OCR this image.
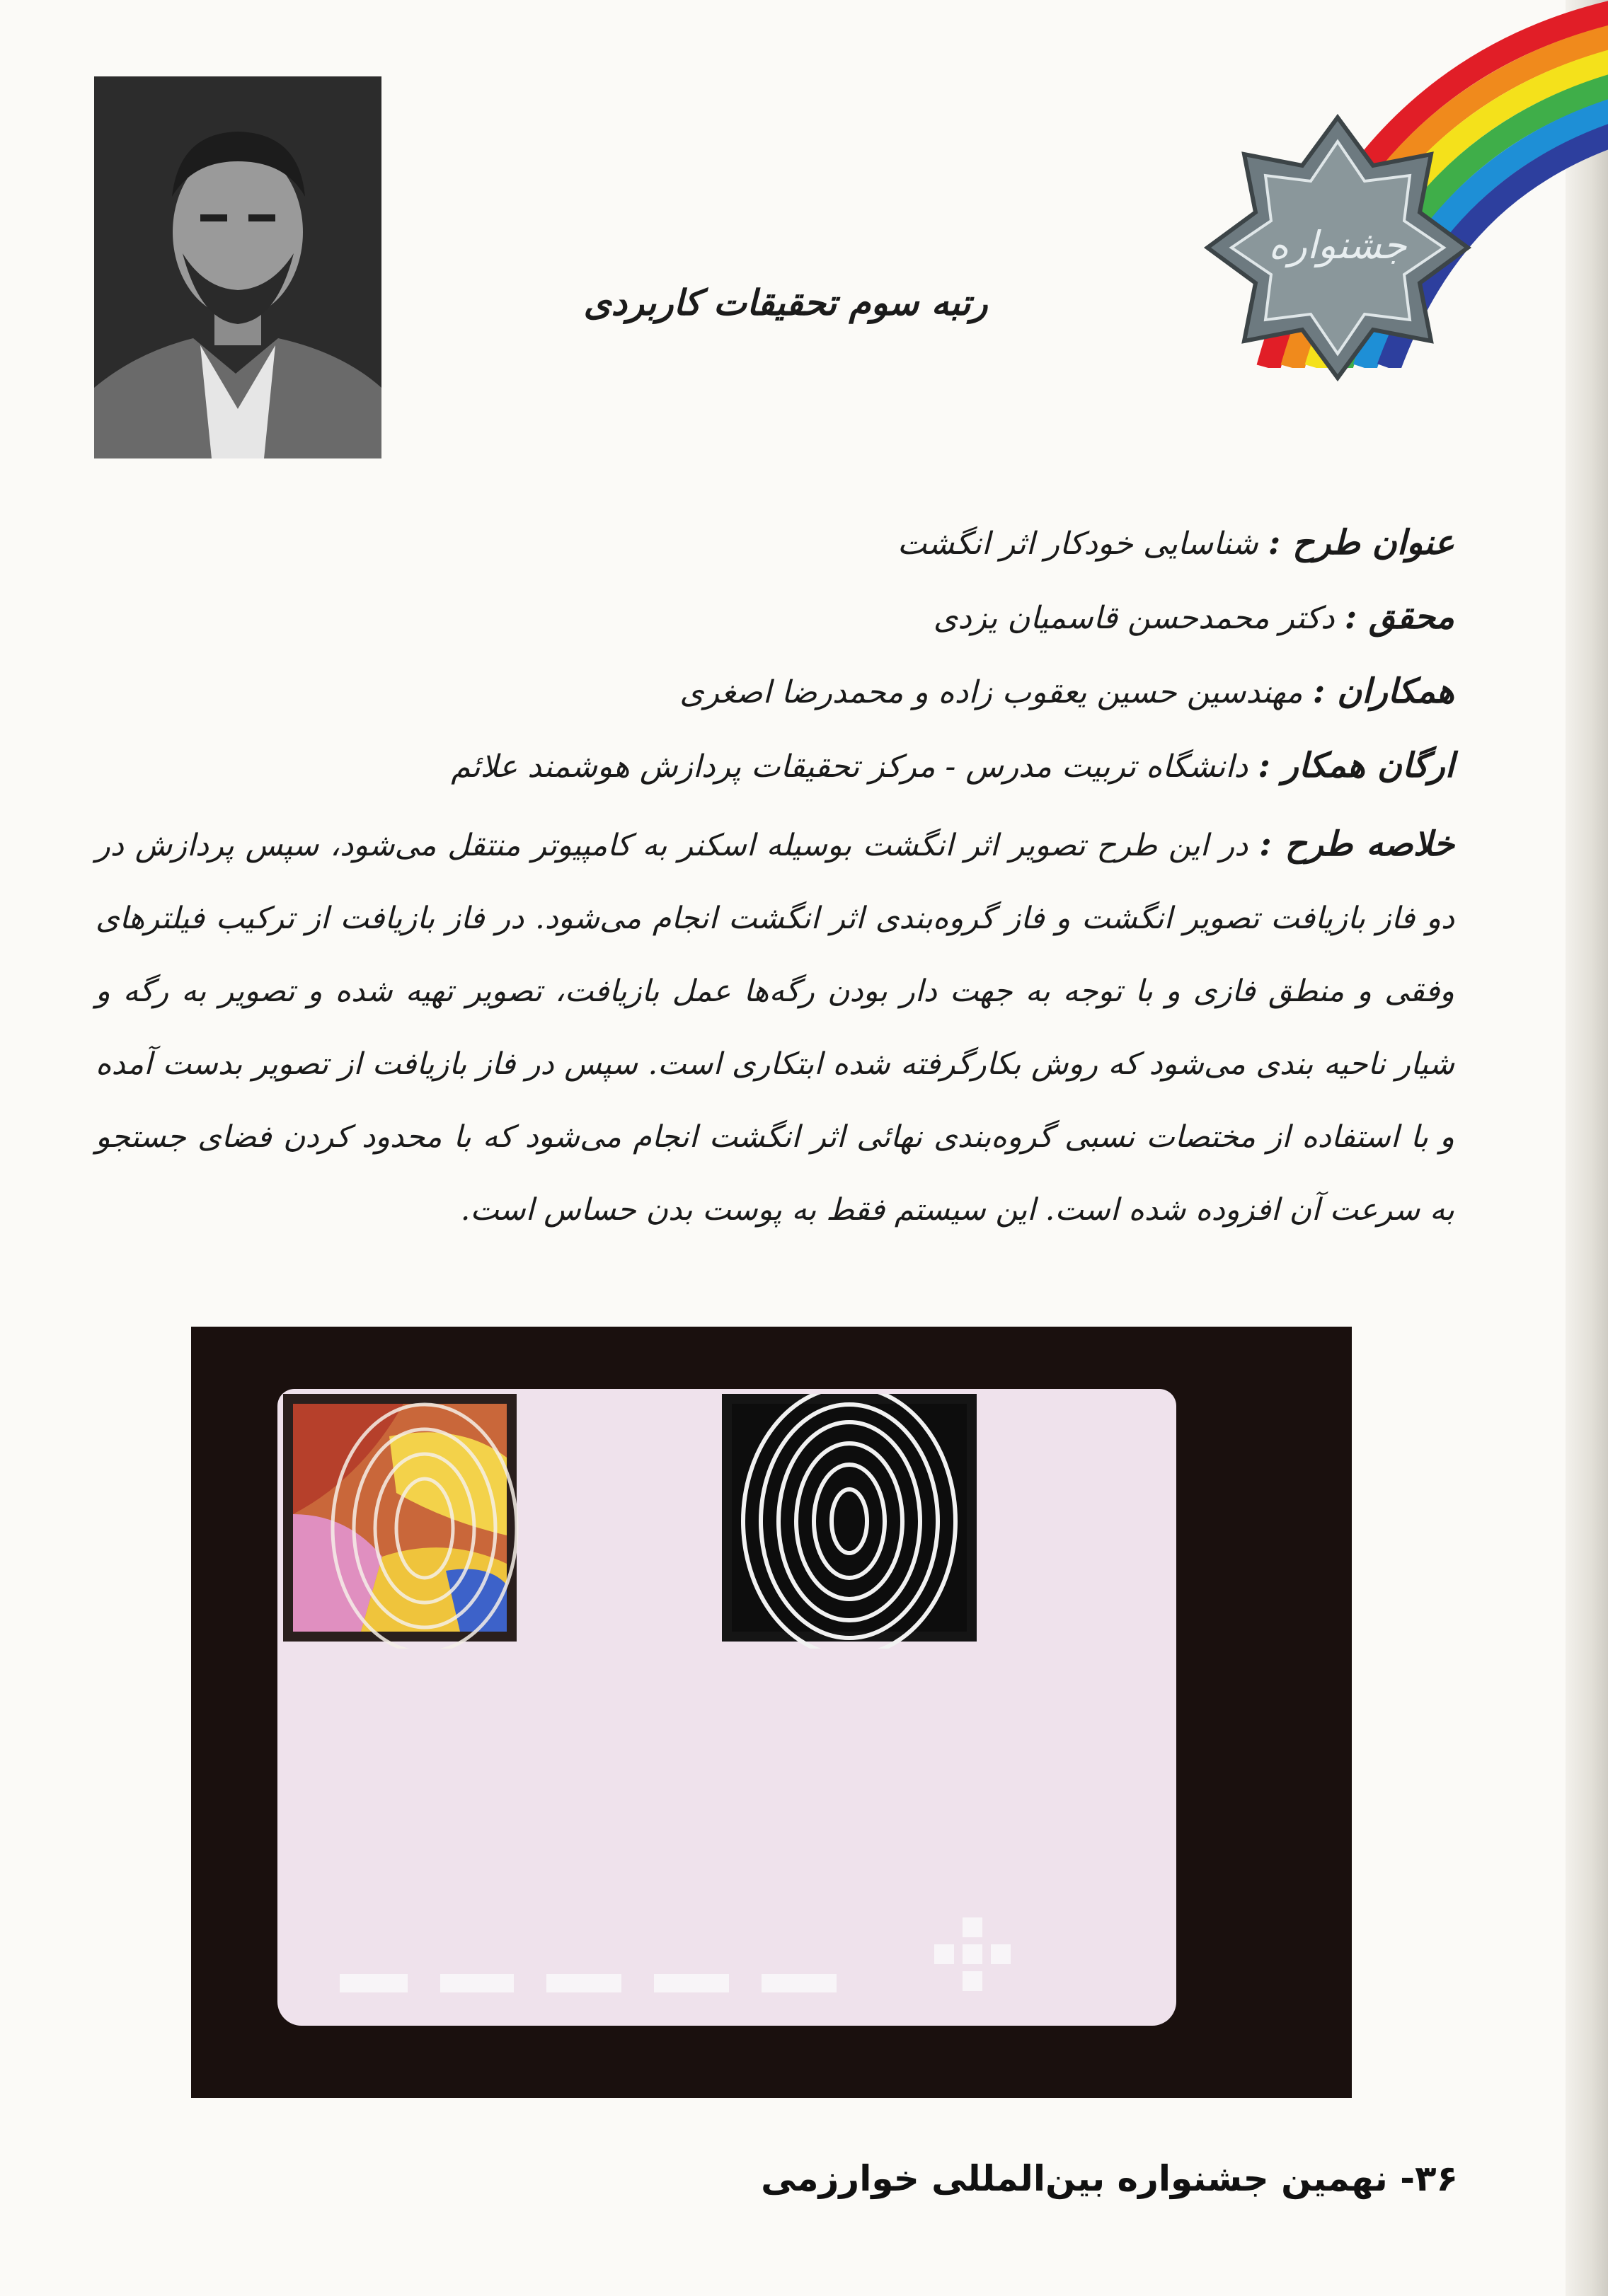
جشنواره
رتبه سوم تحقیقات کاربردی
عنوان طرح : شناسایی خودکار اثر انگشت
محقق : دکتر محمدحسن قاسمیان یزدی
همکاران : مهندسین حسین یعقوب زاده و محمدرضا اصغری
ارگان همکار : دانشگاه تربیت مدرس - مرکز تحقیقات پردازش هوشمند علائم
خلاصه طرح : در این طرح تصویر اثر انگشت بوسیله اسکنر به کامپیوتر منتقل می‌شود، سپس پردازش در دو فاز بازیافت تصویر انگشت و فاز گروه‌بندی اثر انگشت انجام می‌شود. در فاز بازیافت از ترکیب فیلترهای وفقی و منطق فازی و با توجه به جهت دار بودن رگه‌ها عمل بازیافت، تصویر تهیه شده و تصویر به رگه و شیار ناحیه بندی می‌شود که روش بکارگرفته شده ابتکاری است. سپس در فاز بازیافت از تصویر بدست آمده و با استفاده از مختصات نسبی گروه‌بندی نهائی اثر انگشت انجام می‌شود که با محدود کردن فضای جستجو به سرعت آن افزوده شده است. این سیستم فقط به پوست بدن حساس است.
۳۶- نهمین جشنواره بین‌المللی خوارزمی
